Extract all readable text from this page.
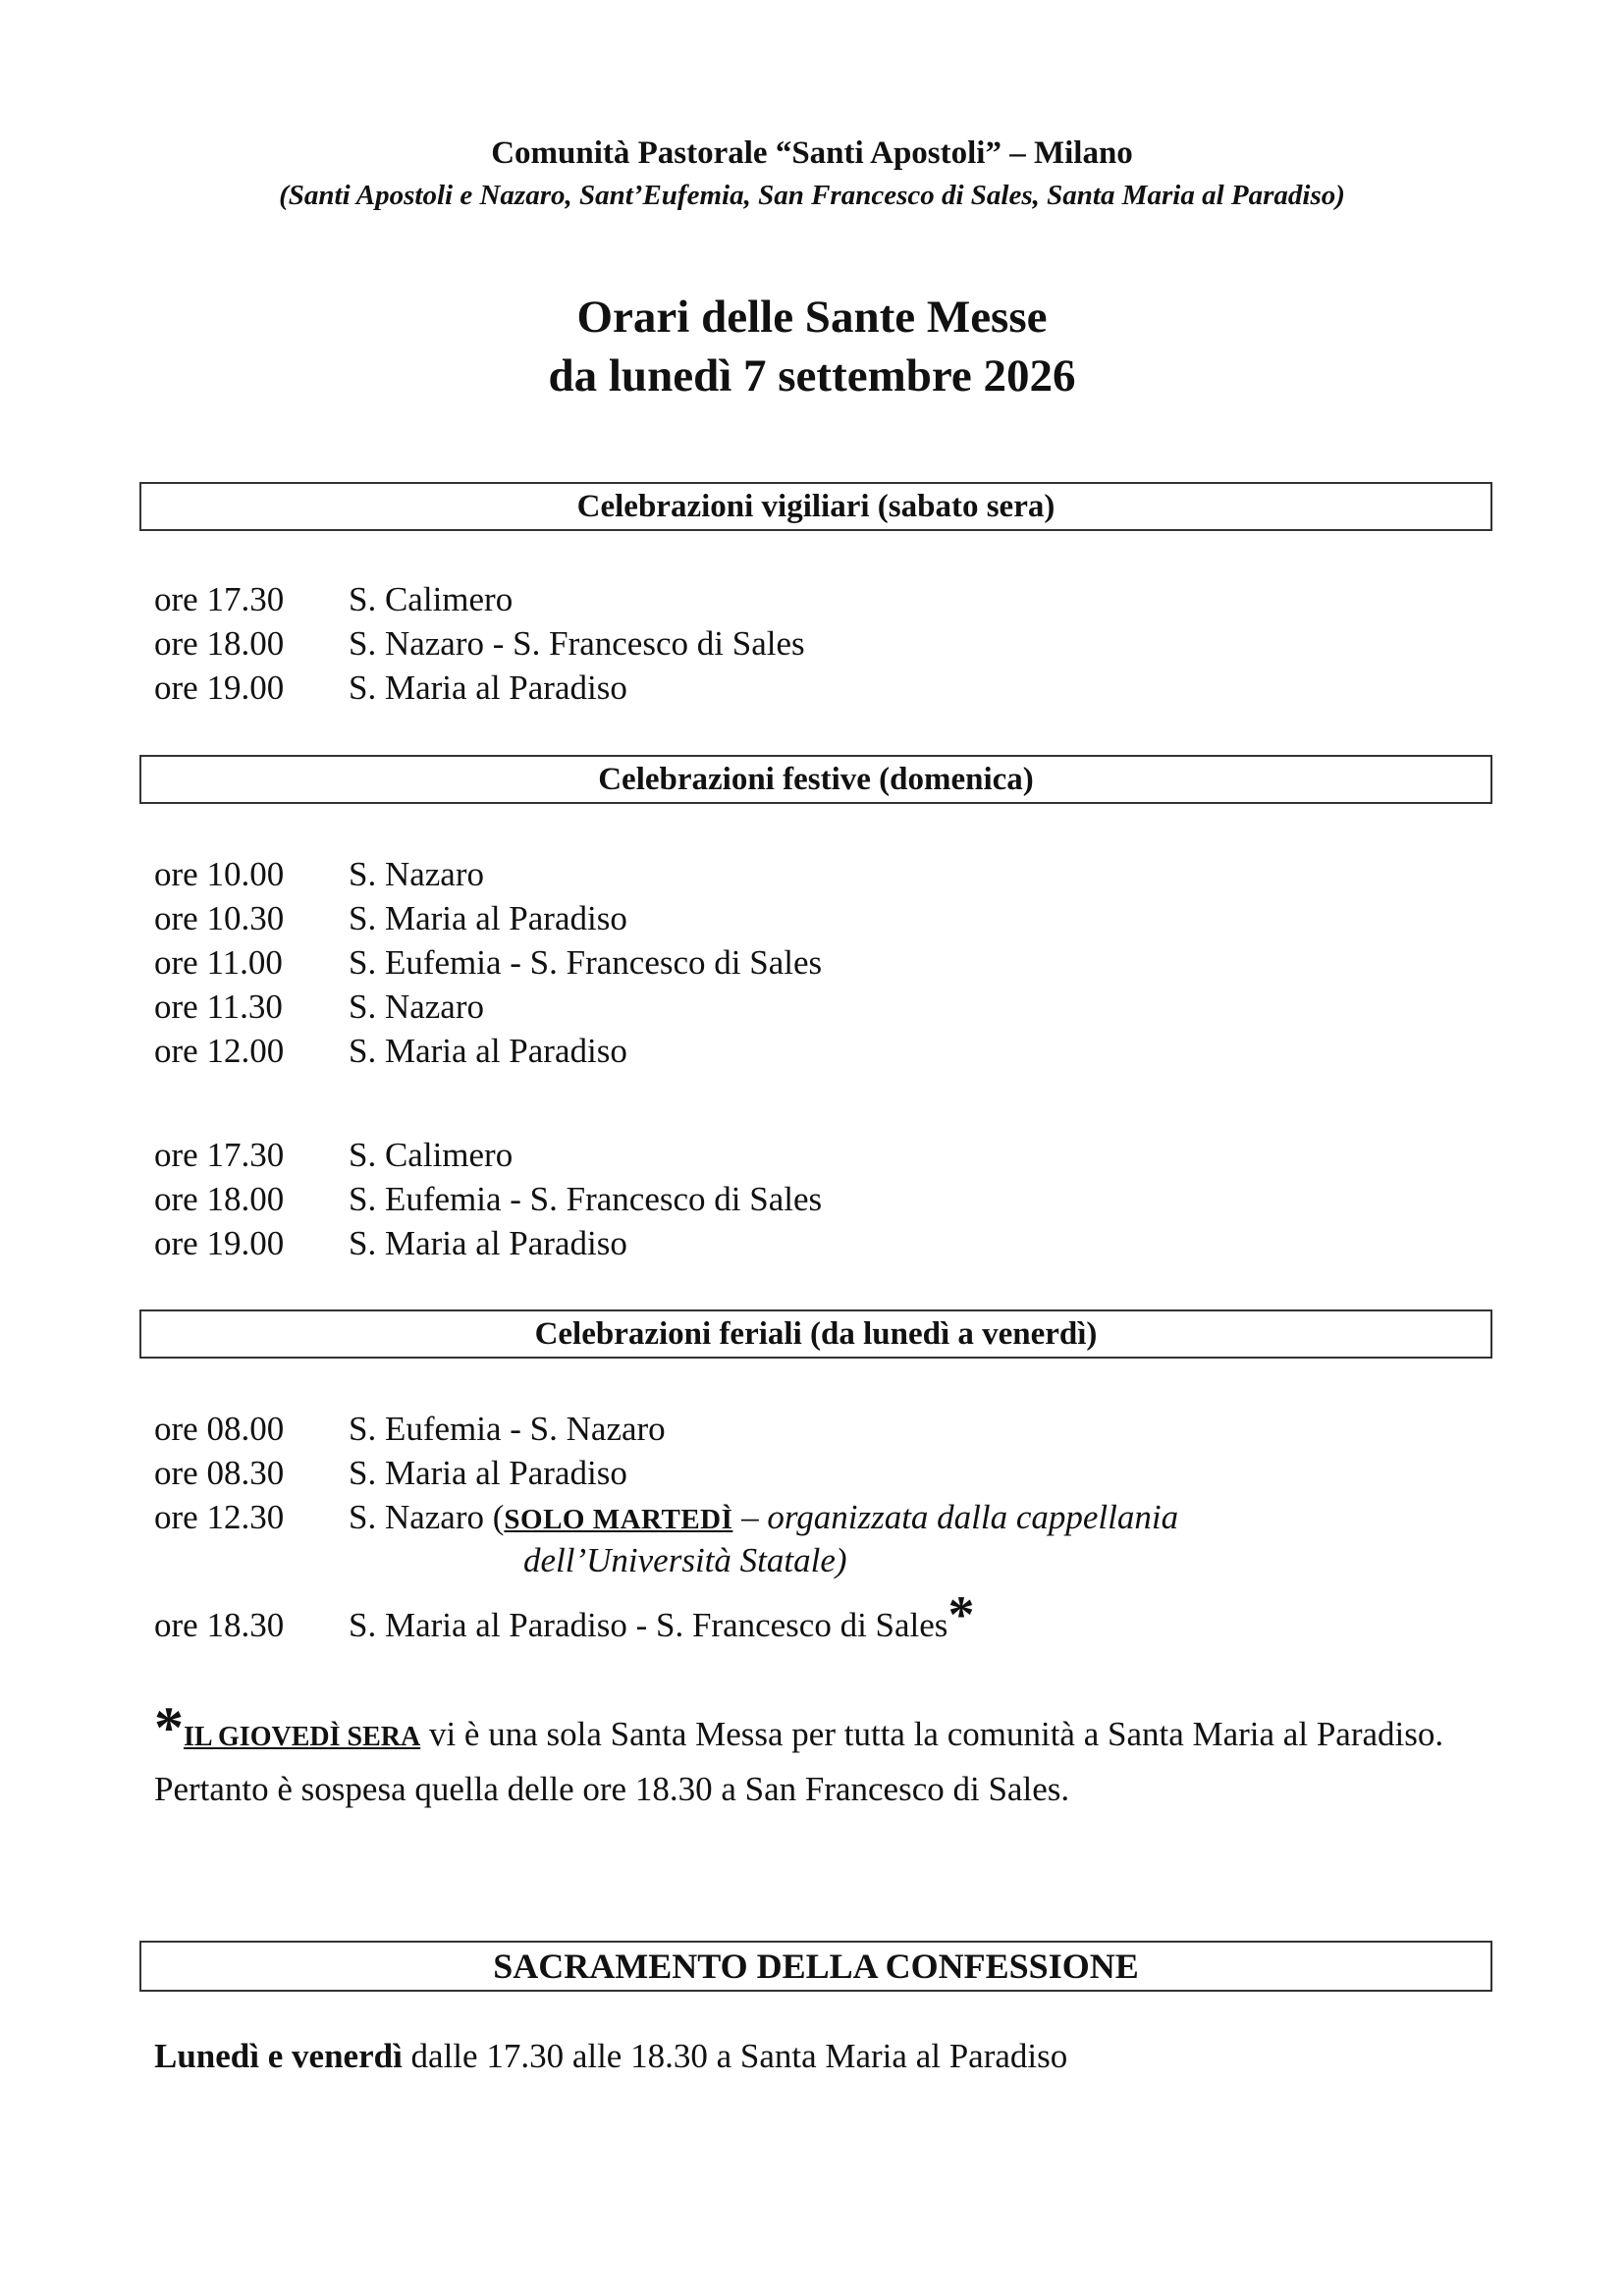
Comunità Pastorale “Santi Apostoli” – Milano
(Santi Apostoli e Nazaro, Sant’Eufemia, San Francesco di Sales, Santa Maria al Paradiso)
Orari delle Sante Messe
da lunedì 7 settembre 2026
Celebrazioni vigiliari (sabato sera)
ore 17.30 S. Calimero
ore 18.00 S. Nazaro - S. Francesco di Sales
ore 19.00 S. Maria al Paradiso
Celebrazioni festive (domenica)
ore 10.00 S. Nazaro
ore 10.30 S. Maria al Paradiso
ore 11.00 S. Eufemia - S. Francesco di Sales
ore 11.30 S. Nazaro
ore 12.00 S. Maria al Paradiso
ore 17.30 S. Calimero
ore 18.00 S. Eufemia - S. Francesco di Sales
ore 19.00 S. Maria al Paradiso
Celebrazioni feriali (da lunedì a venerdì)
ore 08.00 S. Eufemia - S. Nazaro
ore 08.30 S. Maria al Paradiso
ore 12.30 S. Nazaro (SOLO MARTEDÌ – organizzata dalla cappellania
dell’Università Statale)
ore 18.30 S. Maria al Paradiso - S. Francesco di Sales*
*IL GIOVEDÌ SERA vi è una sola Santa Messa per tutta la comunità a Santa Maria al Paradiso. Pertanto è sospesa quella delle ore 18.30 a San Francesco di Sales.
SACRAMENTO DELLA CONFESSIONE
Lunedì e venerdì dalle 17.30 alle 18.30 a Santa Maria al Paradiso
